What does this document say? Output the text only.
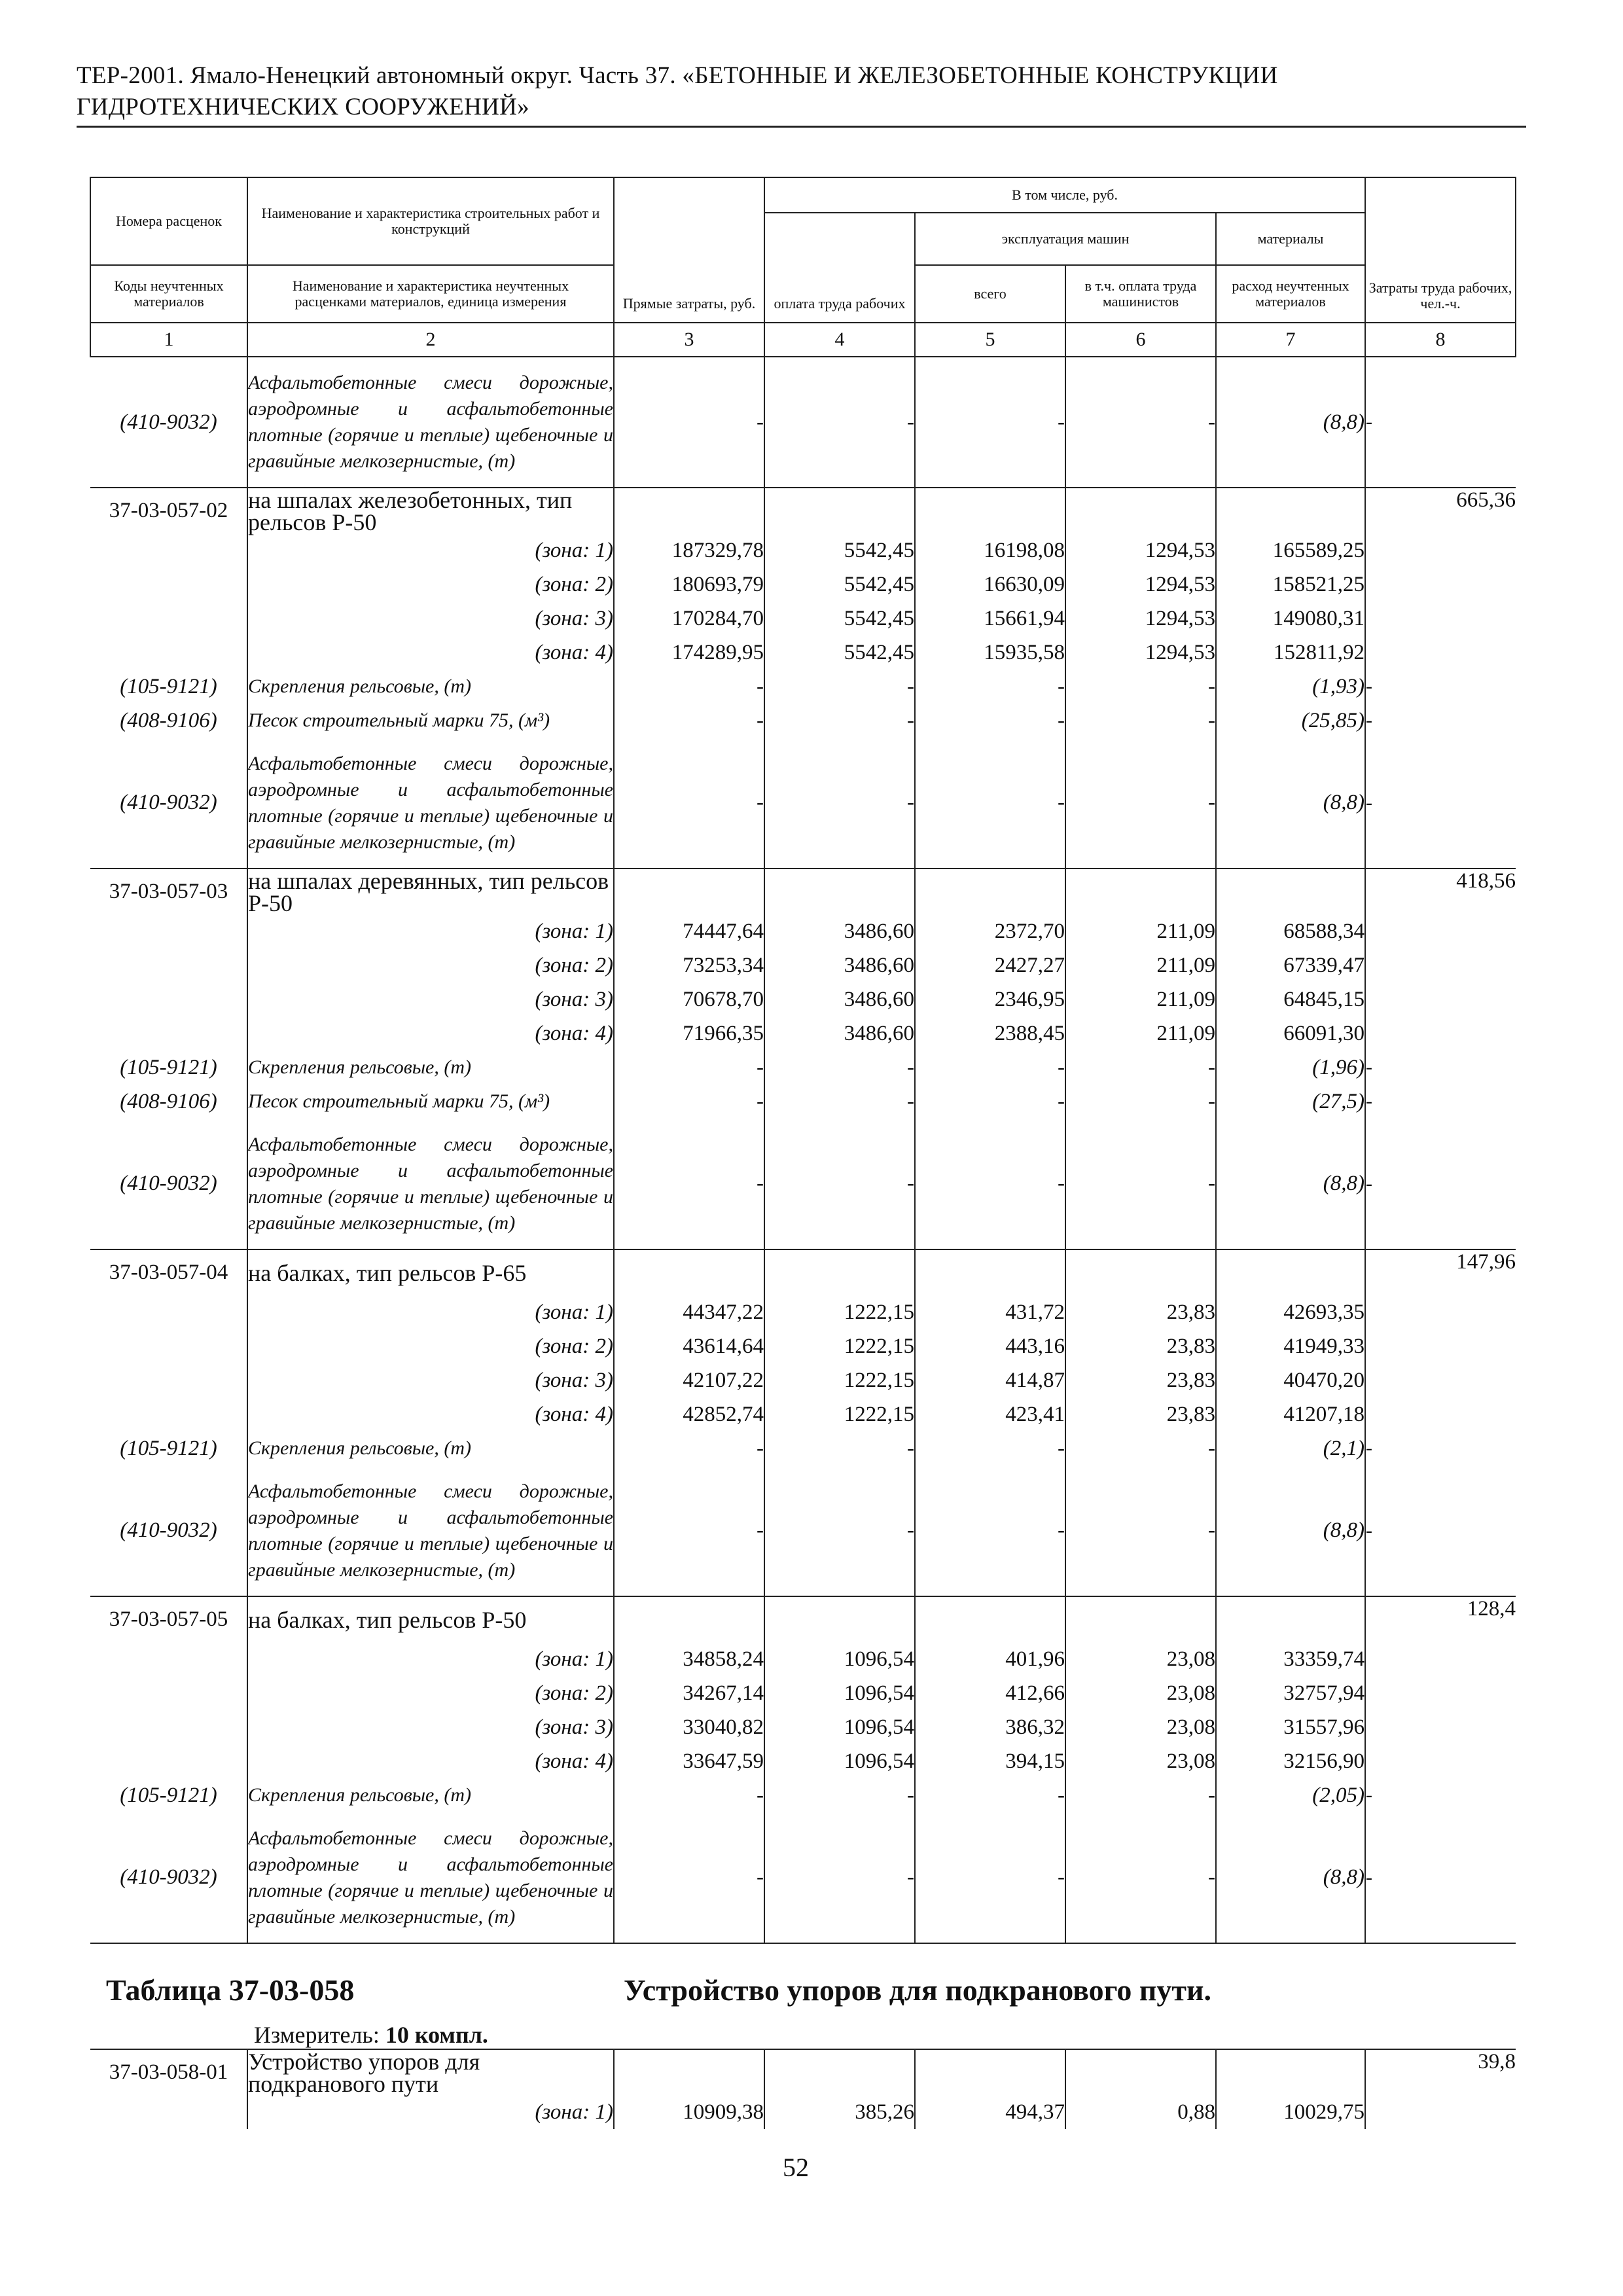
ТЕР-2001. Ямало-Ненецкий автономный округ. Часть 37. «БЕТОННЫЕ И ЖЕЛЕЗОБЕТОННЫЕ КОНСТРУКЦИИ
ГИДРОТЕХНИЧЕСКИХ СООРУЖЕНИЙ»
Номера расценок	Наименование и характеристика строительных работ и конструкций	Прямые затраты, руб.	В том числе, руб.				Затраты труда рабочих, чел.-ч.
			оплата труда рабочих	эксплуатация машин		материалы	
Коды неучтенных материалов	Наименование и характеристика неучтенных расценками материалов, единица измерения			всего	в т.ч. оплата труда машинистов	расход неучтенных материалов	
1	2	3	4	5	6	7	8
(410-9032)	Асфальтобетонные смеси дорожные, аэродромные и асфальтобетонные плотные (горячие и теплые) щебеночные и гравийные мелкозернистые, (т)	-	-	-	-	(8,8)	-
37-03-057-02	на шпалах железобетонных, тип рельсов Р-50						665,36
	(зона: 1)	187329,78	5542,45	16198,08	1294,53	165589,25	
	(зона: 2)	180693,79	5542,45	16630,09	1294,53	158521,25	
	(зона: 3)	170284,70	5542,45	15661,94	1294,53	149080,31	
	(зона: 4)	174289,95	5542,45	15935,58	1294,53	152811,92	
(105-9121)	Скрепления рельсовые, (т)	-	-	-	-	(1,93)	-
(408-9106)	Песок строительный марки 75, (м³)	-	-	-	-	(25,85)	-
(410-9032)	Асфальтобетонные смеси дорожные, аэродромные и асфальтобетонные плотные (горячие и теплые) щебеночные и гравийные мелкозернистые, (т)	-	-	-	-	(8,8)	-
37-03-057-03	на шпалах деревянных, тип рельсов Р-50						418,56
	(зона: 1)	74447,64	3486,60	2372,70	211,09	68588,34	
	(зона: 2)	73253,34	3486,60	2427,27	211,09	67339,47	
	(зона: 3)	70678,70	3486,60	2346,95	211,09	64845,15	
	(зона: 4)	71966,35	3486,60	2388,45	211,09	66091,30	
(105-9121)	Скрепления рельсовые, (т)	-	-	-	-	(1,96)	-
(408-9106)	Песок строительный марки 75, (м³)	-	-	-	-	(27,5)	-
(410-9032)	Асфальтобетонные смеси дорожные, аэродромные и асфальтобетонные плотные (горячие и теплые) щебеночные и гравийные мелкозернистые, (т)	-	-	-	-	(8,8)	-
37-03-057-04	на балках, тип рельсов Р-65						147,96
	(зона: 1)	44347,22	1222,15	431,72	23,83	42693,35	
	(зона: 2)	43614,64	1222,15	443,16	23,83	41949,33	
	(зона: 3)	42107,22	1222,15	414,87	23,83	40470,20	
	(зона: 4)	42852,74	1222,15	423,41	23,83	41207,18	
(105-9121)	Скрепления рельсовые, (т)	-	-	-	-	(2,1)	-
(410-9032)	Асфальтобетонные смеси дорожные, аэродромные и асфальтобетонные плотные (горячие и теплые) щебеночные и гравийные мелкозернистые, (т)	-	-	-	-	(8,8)	-
37-03-057-05	на балках, тип рельсов Р-50						128,4
	(зона: 1)	34858,24	1096,54	401,96	23,08	33359,74	
	(зона: 2)	34267,14	1096,54	412,66	23,08	32757,94	
	(зона: 3)	33040,82	1096,54	386,32	23,08	31557,96	
	(зона: 4)	33647,59	1096,54	394,15	23,08	32156,90	
(105-9121)	Скрепления рельсовые, (т)	-	-	-	-	(2,05)	-
(410-9032)	Асфальтобетонные смеси дорожные, аэродромные и асфальтобетонные плотные (горячие и теплые) щебеночные и гравийные мелкозернистые, (т)	-	-	-	-	(8,8)	-

Таблица 37-03-058 Устройство упоров для подкранового пути.
Измеритель: 10 компл.							

37-03-058-01	Устройство упоров для подкранового пути						39,8
	(зона: 1)	10909,38	385,26	494,37	0,88	10029,75	
52
